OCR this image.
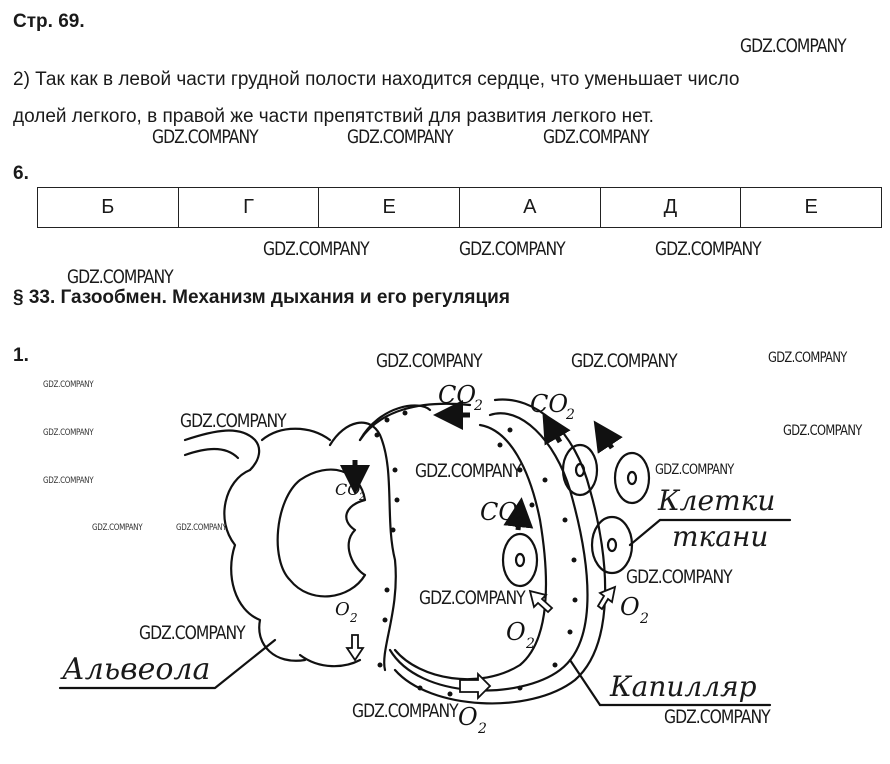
Стр. 69.
2) Так как в левой части грудной полости находится сердце, что уменьшает число
долей легкого, в правой же части препятствий для развития легкого нет.
6.
Б	Г	Е	А	Д	Е
§ 33. Газообмен. Механизм дыхания и его регуляция
1.
CO
2 CO
2
CO
2
CO
2
O 2	O 2
O 2
O 2
Альвеола
Клетки
ткани
Капилляр
GDZ.COMPANY
GDZ.COMPANY	GDZ.COMPANY	GDZ.COMPANY
GDZ.COMPANY	GDZ.COMPANY	GDZ.COMPANY
GDZ.COMPANY
GDZ.COMPANY	GDZ.COMPANY	GDZ.COMPANY
GDZ.COMPANY	GDZ.COMPANY
GDZ.COMPANY	GDZ.COMPANY
GDZ.COMPANY
GDZ.COMPANY
GDZ.COMPANY
GDZ.COMPANY	GDZ.COMPANY
GDZ.COMPANY
GDZ.COMPANY
GDZ.COMPANY
GDZ.COMPANY	GDZ.COMPANY
